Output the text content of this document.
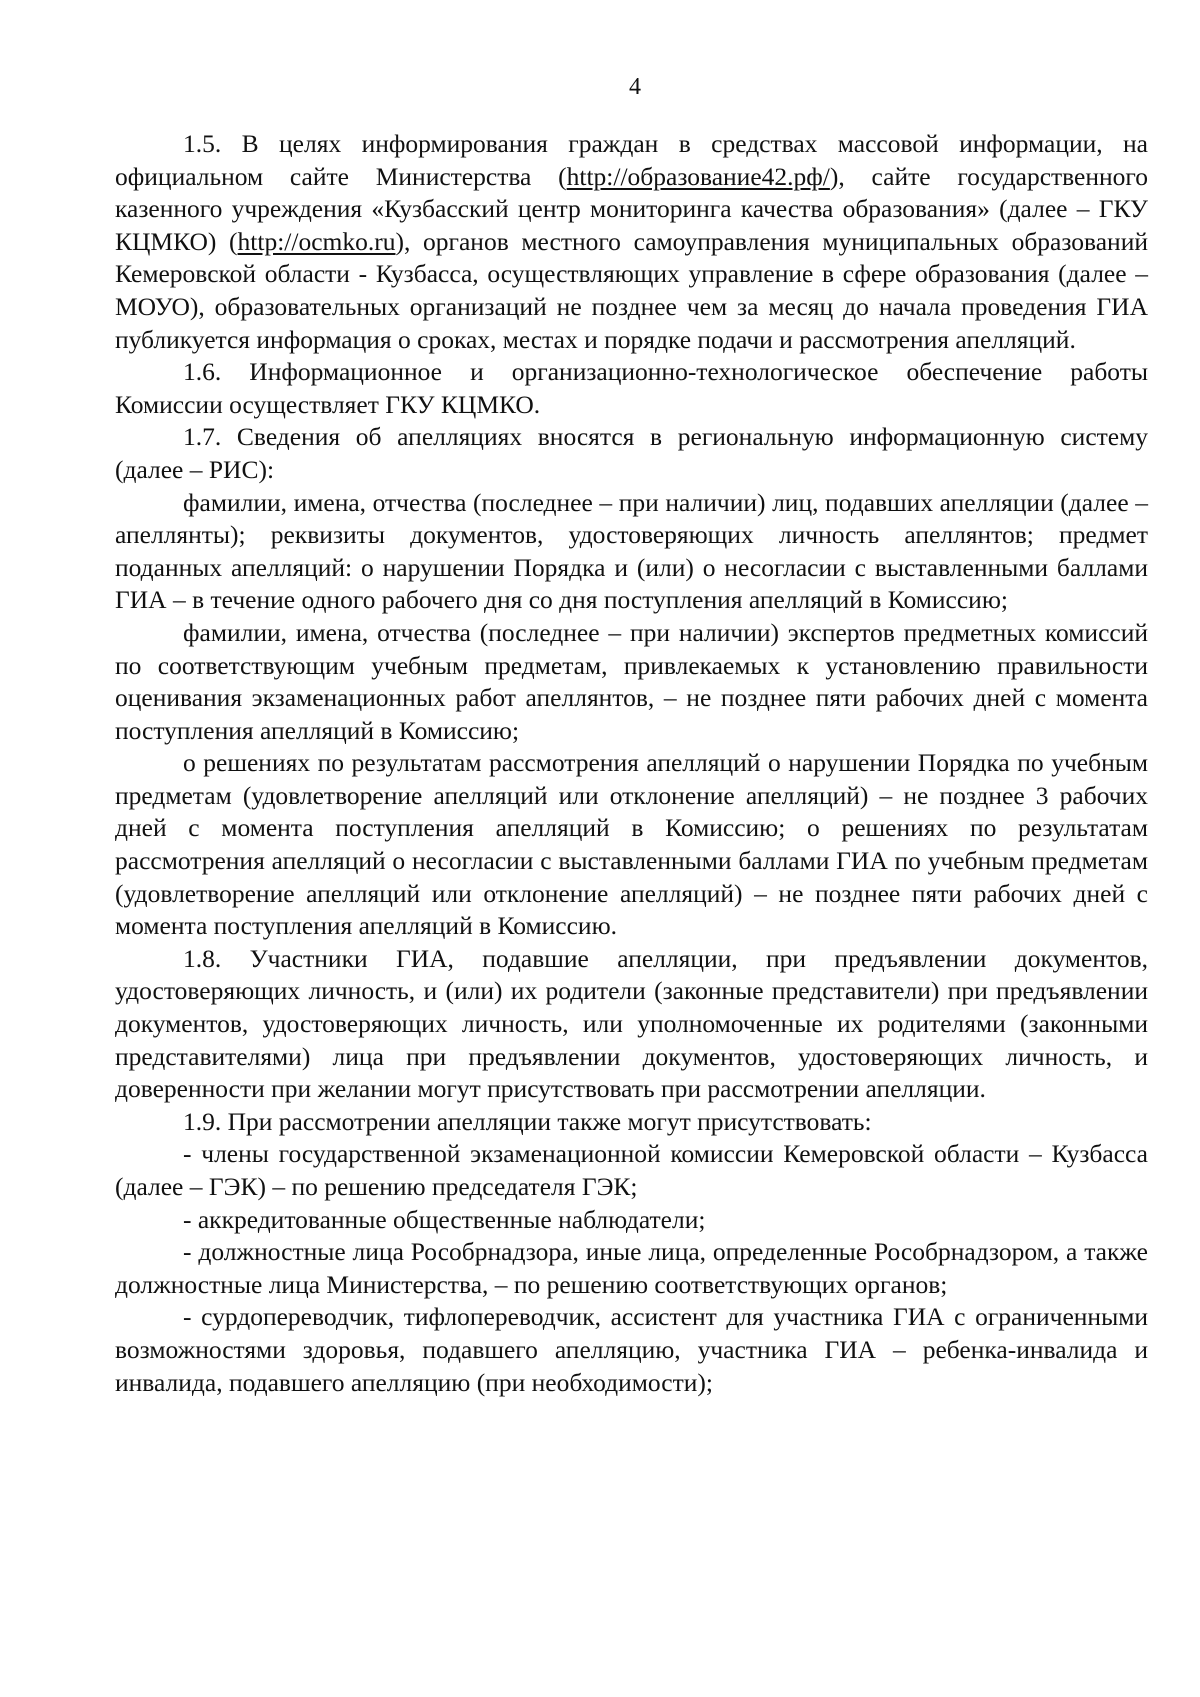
4

1.5. В целях информирования граждан в средствах массовой информации, на официальном сайте Министерства (http://образование42.рф/), сайте государственного казенного учреждения «Кузбасский центр мониторинга качества образования» (далее – ГКУ КЦМКО) (http://ocmko.ru), органов местного самоуправления муниципальных образований Кемеровской области - Кузбасса, осуществляющих управление в сфере образования (далее – МОУО), образовательных организаций не позднее чем за месяц до начала проведения ГИА публикуется информация о сроках, местах и порядке подачи и рассмотрения апелляций.

1.6. Информационное и организационно-технологическое обеспечение работы Комиссии осуществляет ГКУ КЦМКО.

1.7. Сведения об апелляциях вносятся в региональную информационную систему (далее – РИС):

фамилии, имена, отчества (последнее – при наличии) лиц, подавших апелляции (далее – апеллянты); реквизиты документов, удостоверяющих личность апеллянтов; предмет поданных апелляций: о нарушении Порядка и (или) о несогласии с выставленными баллами ГИА – в течение одного рабочего дня со дня поступления апелляций в Комиссию;

фамилии, имена, отчества (последнее – при наличии) экспертов предметных комиссий по соответствующим учебным предметам, привлекаемых к установлению правильности оценивания экзаменационных работ апеллянтов, – не позднее пяти рабочих дней с момента поступления апелляций в Комиссию;

о решениях по результатам рассмотрения апелляций о нарушении Порядка по учебным предметам (удовлетворение апелляций или отклонение апелляций) – не позднее 3 рабочих дней с момента поступления апелляций в Комиссию; о решениях по результатам рассмотрения апелляций о несогласии с выставленными баллами ГИА по учебным предметам (удовлетворение апелляций или отклонение апелляций) – не позднее пяти рабочих дней с момента поступления апелляций в Комиссию.

1.8. Участники ГИА, подавшие апелляции, при предъявлении документов, удостоверяющих личность, и (или) их родители (законные представители) при предъявлении документов, удостоверяющих личность, или уполномоченные их родителями (законными представителями) лица при предъявлении документов, удостоверяющих личность, и доверенности при желании могут присутствовать при рассмотрении апелляции.

1.9. При рассмотрении апелляции также могут присутствовать:

- члены государственной экзаменационной комиссии Кемеровской области – Кузбасса (далее – ГЭК) – по решению председателя ГЭК;

- аккредитованные общественные наблюдатели;

- должностные лица Рособрнадзора, иные лица, определенные Рособрнадзором, а также должностные лица Министерства, – по решению соответствующих органов;

- сурдопереводчик, тифлопереводчик, ассистент для участника ГИА с ограниченными возможностями здоровья, подавшего апелляцию, участника ГИА – ребенка-инвалида и инвалида, подавшего апелляцию (при необходимости);
